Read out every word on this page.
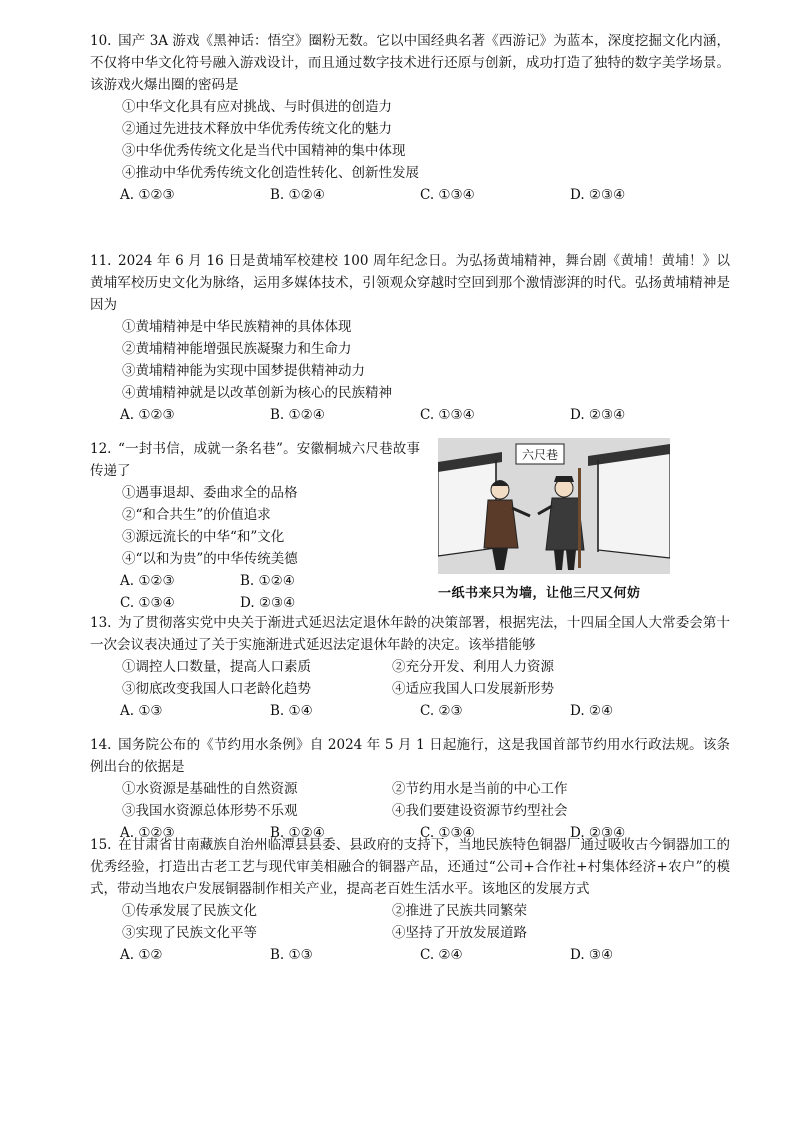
10. 国产 3A 游戏《黑神话：悟空》圈粉无数。它以中国经典名著《西游记》为蓝本，深度挖掘文化内涵，不仅将中华文化符号融入游戏设计，而且通过数字技术进行还原与创新，成功打造了独特的数字美学场景。该游戏火爆出圈的密码是

①中华文化具有应对挑战、与时俱进的创造力
②通过先进技术释放中华优秀传统文化的魅力
③中华优秀传统文化是当代中国精神的集中体现
④推动中华优秀传统文化创造性转化、创新性发展
A. ①②③	B. ①②④	C. ①③④	D. ②③④

11. 2024 年 6 月 16 日是黄埔军校建校 100 周年纪念日。为弘扬黄埔精神，舞台剧《黄埔！黄埔！》以黄埔军校历史文化为脉络，运用多媒体技术，引领观众穿越时空回到那个激情澎湃的时代。弘扬黄埔精神是因为

①黄埔精神是中华民族精神的具体体现
②黄埔精神能增强民族凝聚力和生命力
③黄埔精神能为实现中国梦提供精神动力
④黄埔精神就是以改革创新为核心的民族精神
A. ①②③	B. ①②④	C. ①③④	D. ②③④

12. “一封书信，成就一条名巷”。安徽桐城六尺巷故事传递了

①遇事退却、委曲求全的品格
②“和合共生”的价值追求
③源远流长的中华“和”文化
④“以和为贵”的中华传统美德
A. ①②③	B. ①②④
C. ①③④	D. ②③④
六尺巷
一纸书来只为墙，让他三尺又何妨

13. 为了贯彻落实党中央关于渐进式延迟法定退休年龄的决策部署，根据宪法，十四届全国人大常委会第十一次会议表决通过了关于实施渐进式延迟法定退休年龄的决定。该举措能够

①调控人口数量，提高人口素质	②充分开发、利用人力资源
③彻底改变我国人口老龄化趋势	④适应我国人口发展新形势
A. ①③	B. ①④	C. ②③	D. ②④

14. 国务院公布的《节约用水条例》自 2024 年 5 月 1 日起施行，这是我国首部节约用水行政法规。该条例出台的依据是

①水资源是基础性的自然资源	②节约用水是当前的中心工作
③我国水资源总体形势不乐观	④我们要建设资源节约型社会
A. ①②③	B. ①②④	C. ①③④	D. ②③④

15. 在甘肃省甘南藏族自治州临潭县县委、县政府的支持下，当地民族特色铜器厂通过吸收古今铜器加工的优秀经验，打造出古老工艺与现代审美相融合的铜器产品，还通过“公司+合作社+村集体经济+农户”的模式，带动当地农户发展铜器制作相关产业，提高老百姓生活水平。该地区的发展方式

①传承发展了民族文化	②推进了民族共同繁荣
③实现了民族文化平等	④坚持了开放发展道路
A. ①②	B. ①③	C. ②④	D. ③④
